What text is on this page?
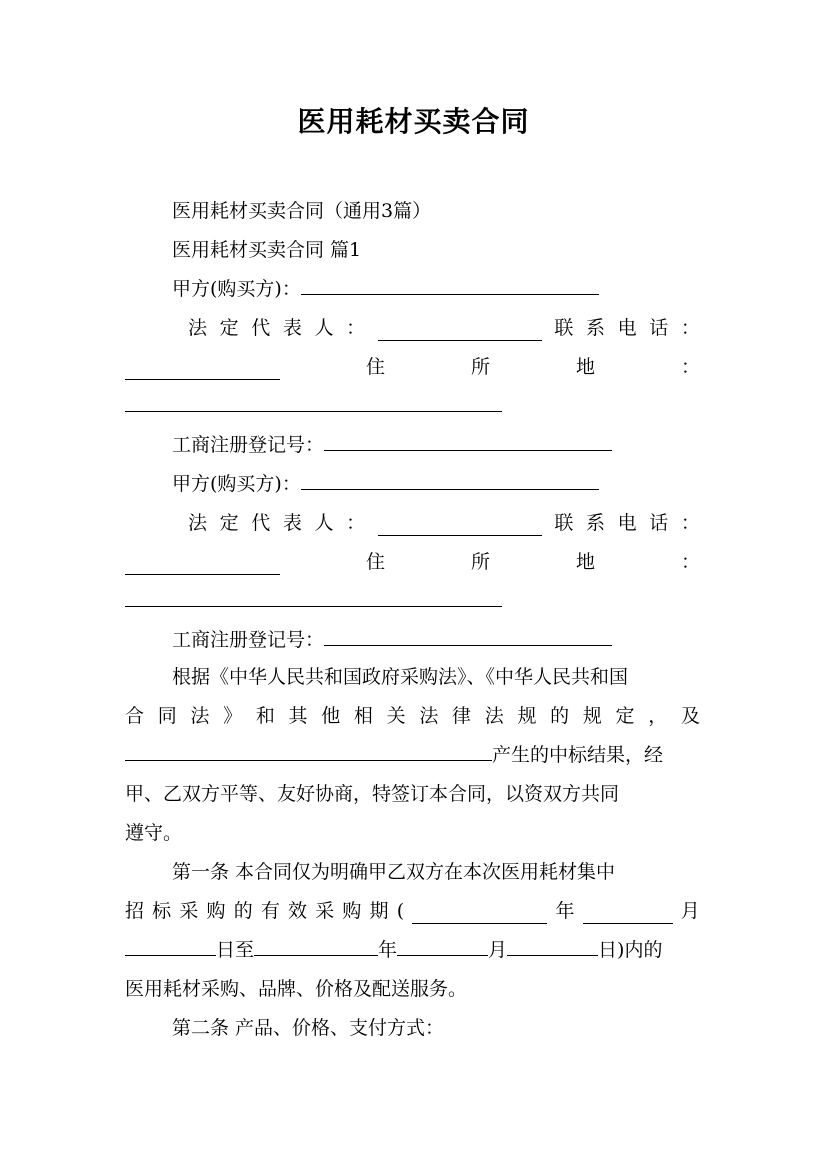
医用耗材买卖合同
医用耗材买卖合同（通用3篇）
医用耗材买卖合同 篇1
甲方(购买方)：
法 定 代 表 人 ：	联 系 电 话 ：
住	所	地	：
工商注册登记号：
甲方(购买方)：
法 定 代 表 人 ：	联 系 电 话 ：
住	所	地	：
工商注册登记号：
根据《中华人民共和国政府采购法》、《中华人民共和国
合 同 法 》 和 其 他 相 关 法 律 法 规 的 规 定 ， 及
产生的中标结果，经
甲、乙双方平等、友好协商，特签订本合同，以资双方共同
遵守。
第一条 本合同仅为明确甲乙双方在本次医用耗材集中
招 标 采 购 的 有 效 采 购 期 (	年	月
日至	年	月	日)内的
医用耗材采购、品牌、价格及配送服务。
第二条 产品、价格、支付方式：
